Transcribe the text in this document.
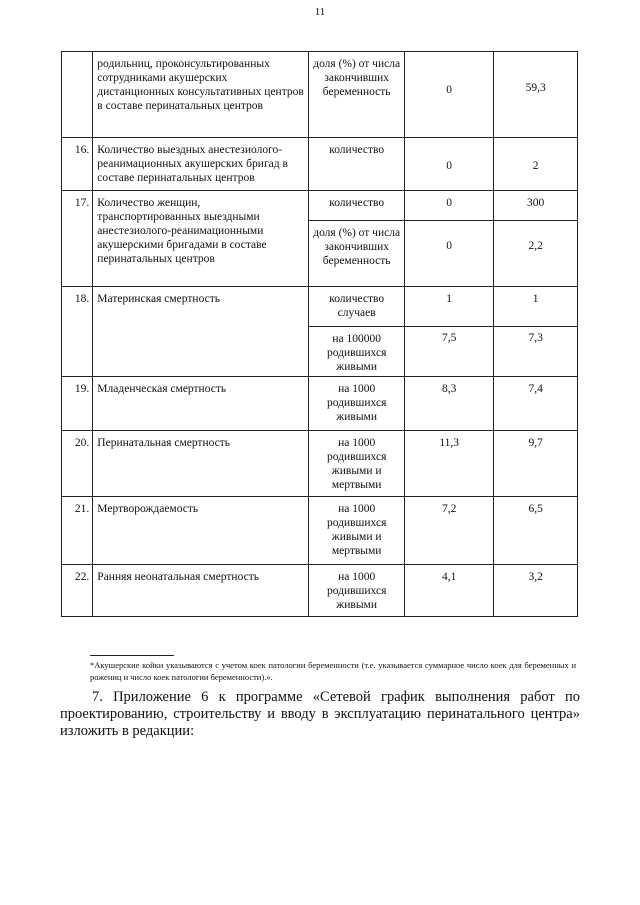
11
	родильниц, проконсультированных сотрудниками акушерских дистанционных консультативных центров в составе перинатальных центров	доля (%) от числа закончивших беременность	0	59,3
16.	Количество выездных анестезиолого-реанимационных акушерских бригад в составе перинатальных центров	количество	0	2
17.	Количество женщин, транспортированных выездными анестезиолого-реанимационными акушерскими бригадами в составе перинатальных центров	количество	0	300
		доля (%) от числа закончивших беременность	0	2,2
18.	Материнская смертность	количество случаев	1	1
		на 100000 родившихся живыми	7,5	7,3
19.	Младенческая смертность	на 1000 родившихся живыми	8,3	7,4
20.	Перинатальная смертность	на 1000 родившихся живыми и мертвыми	11,3	9,7
21.	Мертворождаемость	на 1000 родившихся живыми и мертвыми	7,2	6,5
22.	Ранняя неонатальная смертность	на 1000 родившихся живыми	4,1	3,2
*Акушерские койки указываются с учетом коек патологии беременности (т.е. указывается суммарное число коек для беременных и рожениц и число коек патологии беременности).».
7. Приложение 6 к программе «Сетевой график выполнения работ по проектированию, строительству и вводу в эксплуатацию перинатального центра» изложить в редакции:
